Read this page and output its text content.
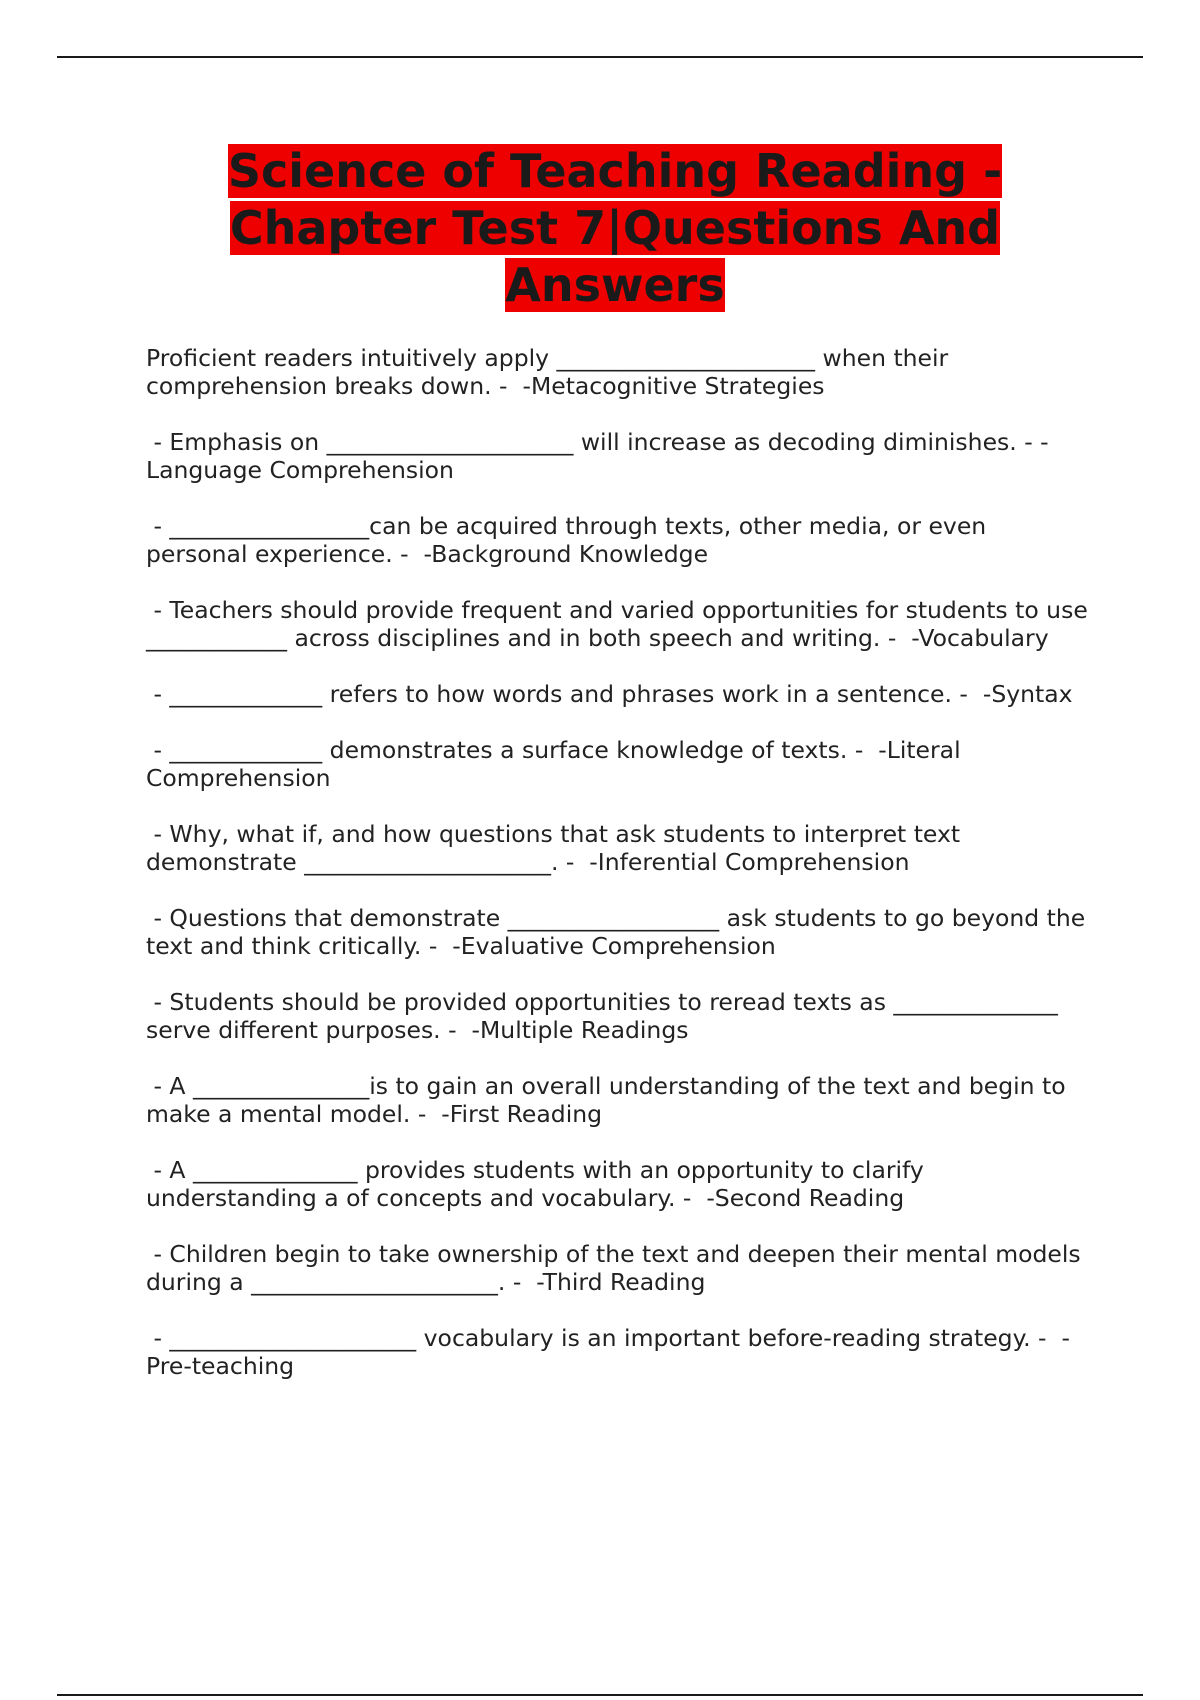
Science of Teaching Reading - Chapter Test 7|Questions And Answers
Proficient readers intuitively apply ______________________ when their comprehension breaks down. -  -Metacognitive Strategies
- Emphasis on _____________________ will increase as decoding diminishes. - -Language Comprehension
- _________________can be acquired through texts, other media, or even personal experience. -  -Background Knowledge
- Teachers should provide frequent and varied opportunities for students to use ____________ across disciplines and in both speech and writing. -  -Vocabulary
- _____________ refers to how words and phrases work in a sentence. -  -Syntax
- _____________ demonstrates a surface knowledge of texts. -  -Literal Comprehension
- Why, what if, and how questions that ask students to interpret text demonstrate _____________________. -  -Inferential Comprehension
- Questions that demonstrate __________________ ask students to go beyond the text and think critically. -  -Evaluative Comprehension
- Students should be provided opportunities to reread texts as ______________ serve different purposes. -  -Multiple Readings
- A _______________is to gain an overall understanding of the text and begin to make a mental model. -  -First Reading
- A ______________ provides students with an opportunity to clarify understanding a of concepts and vocabulary. -  -Second Reading
- Children begin to take ownership of the text and deepen their mental models during a _____________________. -  -Third Reading
- _____________________ vocabulary is an important before-reading strategy. -  -Pre-teaching
